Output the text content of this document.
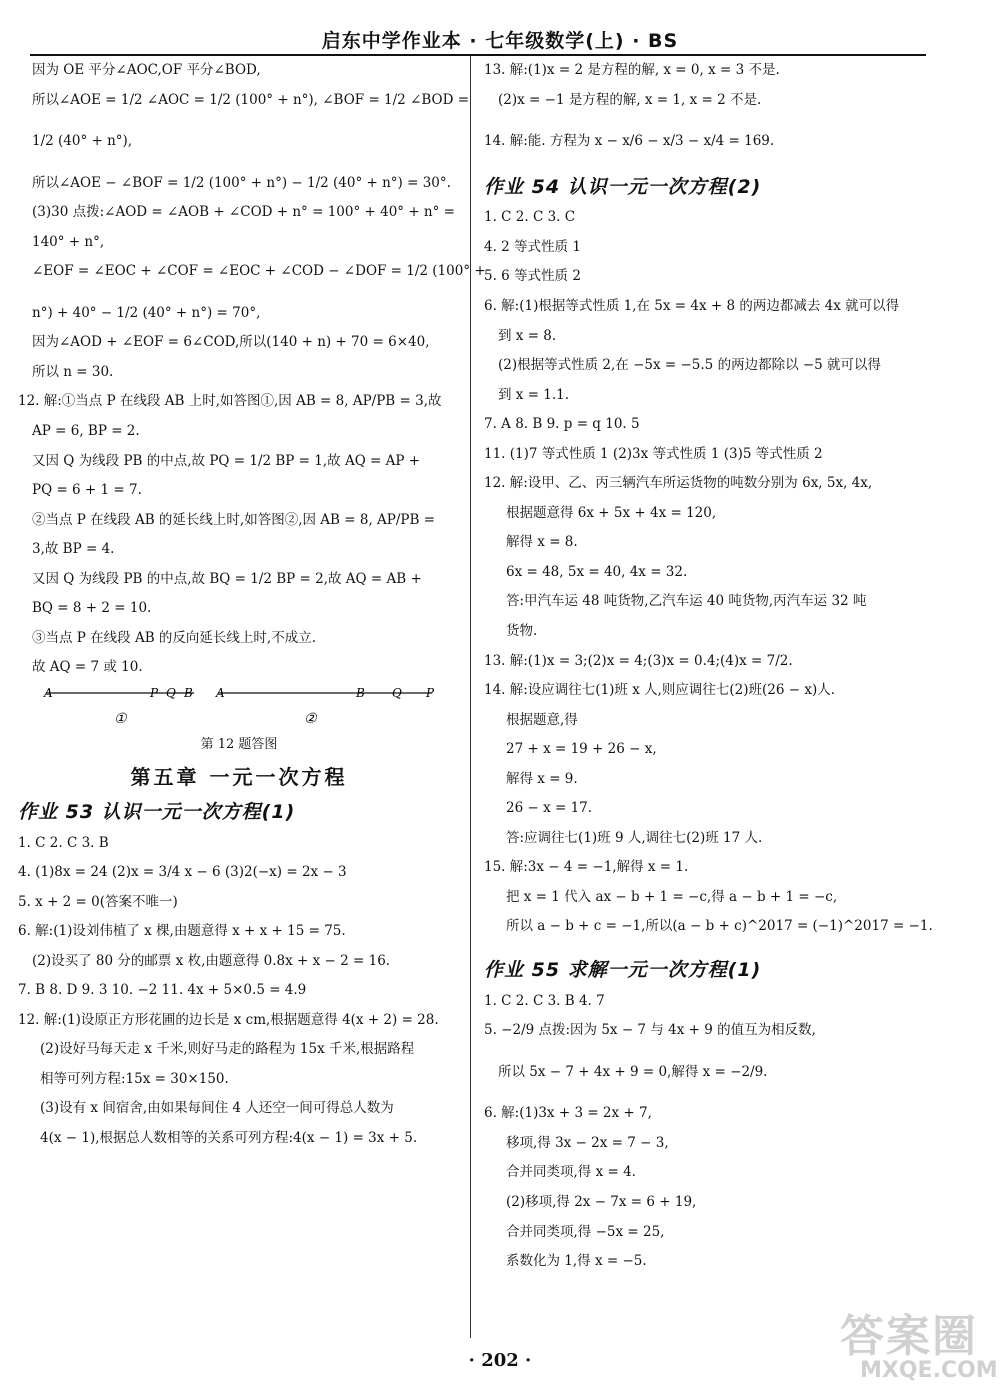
启东中学作业本 · 七年级数学(上) · BS
因为 OE 平分∠AOC,OF 平分∠BOD,
所以∠AOE = 1/2 ∠AOC = 1/2 (100° + n°), ∠BOF = 1/2 ∠BOD =
1/2 (40° + n°),
所以∠AOE − ∠BOF = 1/2 (100° + n°) − 1/2 (40° + n°) = 30°.
(3)30 点拨:∠AOD = ∠AOB + ∠COD + n° = 100° + 40° + n° =
140° + n°,
∠EOF = ∠EOC + ∠COF = ∠EOC + ∠COD − ∠DOF = 1/2 (100° +
n°) + 40° − 1/2 (40° + n°) = 70°,
因为∠AOD + ∠EOF = 6∠COD,所以(140 + n) + 70 = 6×40,
所以 n = 30.
12. 解:①当点 P 在线段 AB 上时,如答图①,因 AB = 8, AP/PB = 3,故
AP = 6, BP = 2.
又因 Q 为线段 PB 的中点,故 PQ = 1/2 BP = 1,故 AQ = AP +
PQ = 6 + 1 = 7.
②当点 P 在线段 AB 的延长线上时,如答图②,因 AB = 8, AP/PB =
3,故 BP = 4.
又因 Q 为线段 PB 的中点,故 BQ = 1/2 BP = 2,故 AQ = AB +
BQ = 8 + 2 = 10.
③当点 P 在线段 AB 的反向延长线上时,不成立.
故 AQ = 7 或 10.
A	P Q B
①
A	B Q P
②
第 12 题答图
第五章 一元一次方程
作业 53 认识一元一次方程(1)
1. C 2. C 3. B
4. (1)8x = 24 (2)x = 3/4 x − 6 (3)2(−x) = 2x − 3
5. x + 2 = 0(答案不唯一)
6. 解:(1)设刘伟植了 x 棵,由题意得 x + x + 15 = 75.
(2)设买了 80 分的邮票 x 枚,由题意得 0.8x + x − 2 = 16.
7. B 8. D 9. 3 10. −2 11. 4x + 5×0.5 = 4.9
12. 解:(1)设原正方形花圃的边长是 x cm,根据题意得 4(x + 2) = 28.
(2)设好马每天走 x 千米,则好马走的路程为 15x 千米,根据路程
相等可列方程:15x = 30×150.
(3)设有 x 间宿舍,由如果每间住 4 人还空一间可得总人数为
4(x − 1),根据总人数相等的关系可列方程:4(x − 1) = 3x + 5.
13. 解:(1)x = 2 是方程的解, x = 0, x = 3 不是.
(2)x = −1 是方程的解, x = 1, x = 2 不是.
14. 解:能. 方程为 x − x/6 − x/3 − x/4 = 169.
作业 54 认识一元一次方程(2)
1. C 2. C 3. C
4. 2 等式性质 1
5. 6 等式性质 2
6. 解:(1)根据等式性质 1,在 5x = 4x + 8 的两边都减去 4x 就可以得
到 x = 8.
(2)根据等式性质 2,在 −5x = −5.5 的两边都除以 −5 就可以得
到 x = 1.1.
7. A 8. B 9. p = q 10. 5
11. (1)7 等式性质 1 (2)3x 等式性质 1 (3)5 等式性质 2
12. 解:设甲、乙、丙三辆汽车所运货物的吨数分别为 6x, 5x, 4x,
根据题意得 6x + 5x + 4x = 120,
解得 x = 8.
6x = 48, 5x = 40, 4x = 32.
答:甲汽车运 48 吨货物,乙汽车运 40 吨货物,丙汽车运 32 吨
货物.
13. 解:(1)x = 3;(2)x = 4;(3)x = 0.4;(4)x = 7/2.
14. 解:设应调往七(1)班 x 人,则应调往七(2)班(26 − x)人.
根据题意,得
27 + x = 19 + 26 − x,
解得 x = 9.
26 − x = 17.
答:应调往七(1)班 9 人,调往七(2)班 17 人.
15. 解:3x − 4 = −1,解得 x = 1.
把 x = 1 代入 ax − b + 1 = −c,得 a − b + 1 = −c,
所以 a − b + c = −1,所以(a − b + c)^2017 = (−1)^2017 = −1.
作业 55 求解一元一次方程(1)
1. C 2. C 3. B 4. 7
5. −2/9 点拨:因为 5x − 7 与 4x + 9 的值互为相反数,
所以 5x − 7 + 4x + 9 = 0,解得 x = −2/9.
6. 解:(1)3x + 3 = 2x + 7,
移项,得 3x − 2x = 7 − 3,
合并同类项,得 x = 4.
(2)移项,得 2x − 7x = 6 + 19,
合并同类项,得 −5x = 25,
系数化为 1,得 x = −5.
· 202 ·	答案圈
MXQE.COM
